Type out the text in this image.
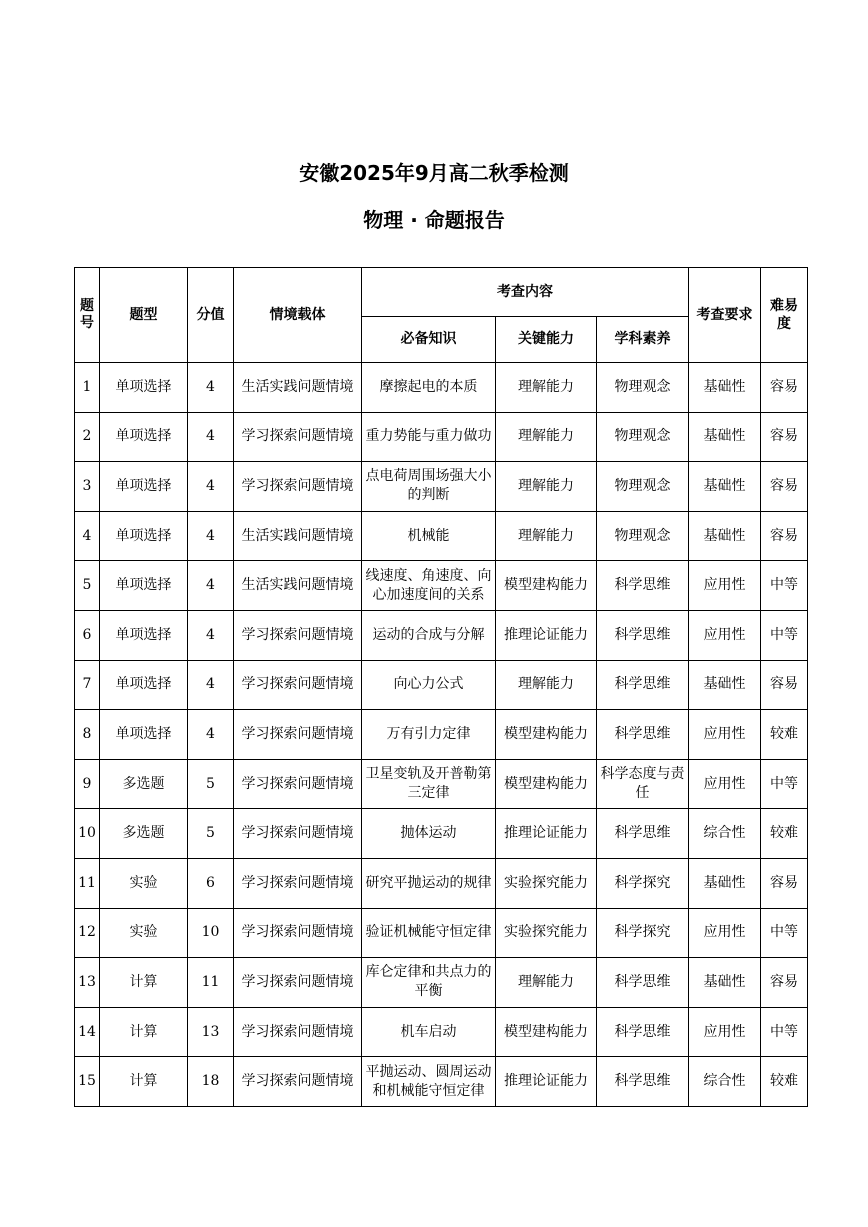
安徽2025年9月高二秋季检测
物理 · 命题报告
题号	题型	分值	情境载体	考查内容			考查要求	难易度
				必备知识	关键能力	学科素养		
1	单项选择	4	生活实践问题情境	摩擦起电的本质	理解能力	物理观念	基础性	容易
2	单项选择	4	学习探索问题情境	重力势能与重力做功	理解能力	物理观念	基础性	容易
3	单项选择	4	学习探索问题情境	点电荷周围场强大小的判断	理解能力	物理观念	基础性	容易
4	单项选择	4	生活实践问题情境	机械能	理解能力	物理观念	基础性	容易
5	单项选择	4	生活实践问题情境	线速度、角速度、向心加速度间的关系	模型建构能力	科学思维	应用性	中等
6	单项选择	4	学习探索问题情境	运动的合成与分解	推理论证能力	科学思维	应用性	中等
7	单项选择	4	学习探索问题情境	向心力公式	理解能力	科学思维	基础性	容易
8	单项选择	4	学习探索问题情境	万有引力定律	模型建构能力	科学思维	应用性	较难
9	多选题	5	学习探索问题情境	卫星变轨及开普勒第三定律	模型建构能力	科学态度与责任	应用性	中等
10	多选题	5	学习探索问题情境	抛体运动	推理论证能力	科学思维	综合性	较难
11	实验	6	学习探索问题情境	研究平抛运动的规律	实验探究能力	科学探究	基础性	容易
12	实验	10	学习探索问题情境	验证机械能守恒定律	实验探究能力	科学探究	应用性	中等
13	计算	11	学习探索问题情境	库仑定律和共点力的平衡	理解能力	科学思维	基础性	容易
14	计算	13	学习探索问题情境	机车启动	模型建构能力	科学思维	应用性	中等
15	计算	18	学习探索问题情境	平抛运动、圆周运动和机械能守恒定律	推理论证能力	科学思维	综合性	较难
